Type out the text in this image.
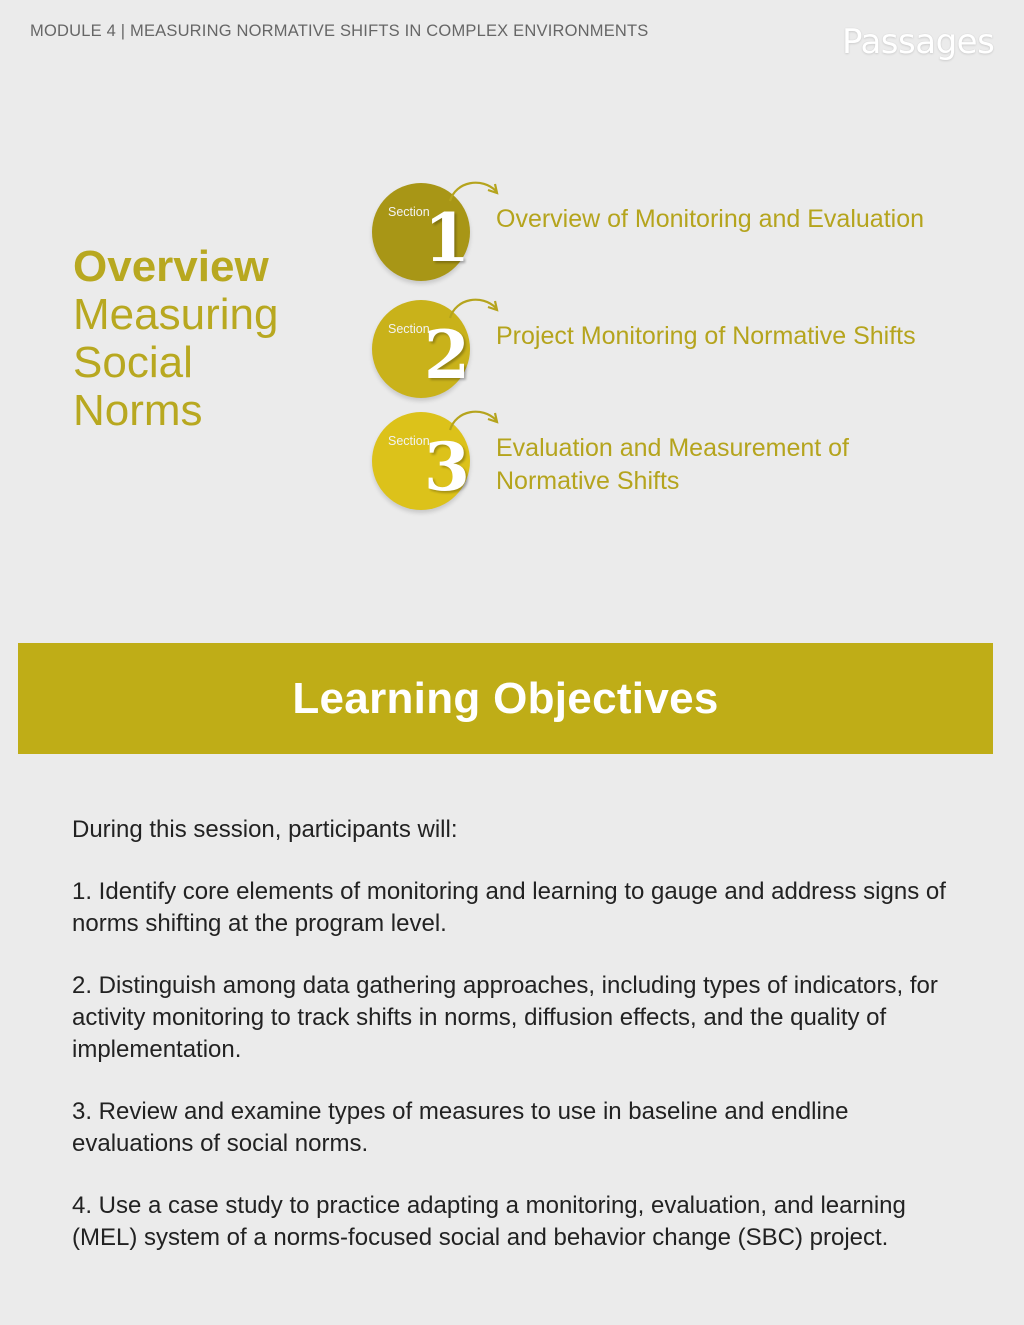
MODULE 4 | MEASURING NORMATIVE SHIFTS IN COMPLEX ENVIRONMENTS	Passages
Overview
Measuring
Social
Norms
Section
1 Overview of Monitoring and Evaluation
Section
2 Project Monitoring of Normative Shifts
Section
3 Evaluation and Measurement of Normative Shifts
Learning Objectives

During this session, participants will:

1. Identify core elements of monitoring and learning to gauge and address signs of norms shifting at the program level.

2. Distinguish among data gathering approaches, including types of indicators, for activity monitoring to track shifts in norms, diffusion effects, and the quality of implementation.

3. Review and examine types of measures to use in baseline and endline evaluations of social norms.

4. Use a case study to practice adapting a monitoring, evaluation, and learning (MEL) system of a norms-focused social and behavior change (SBC) project.
